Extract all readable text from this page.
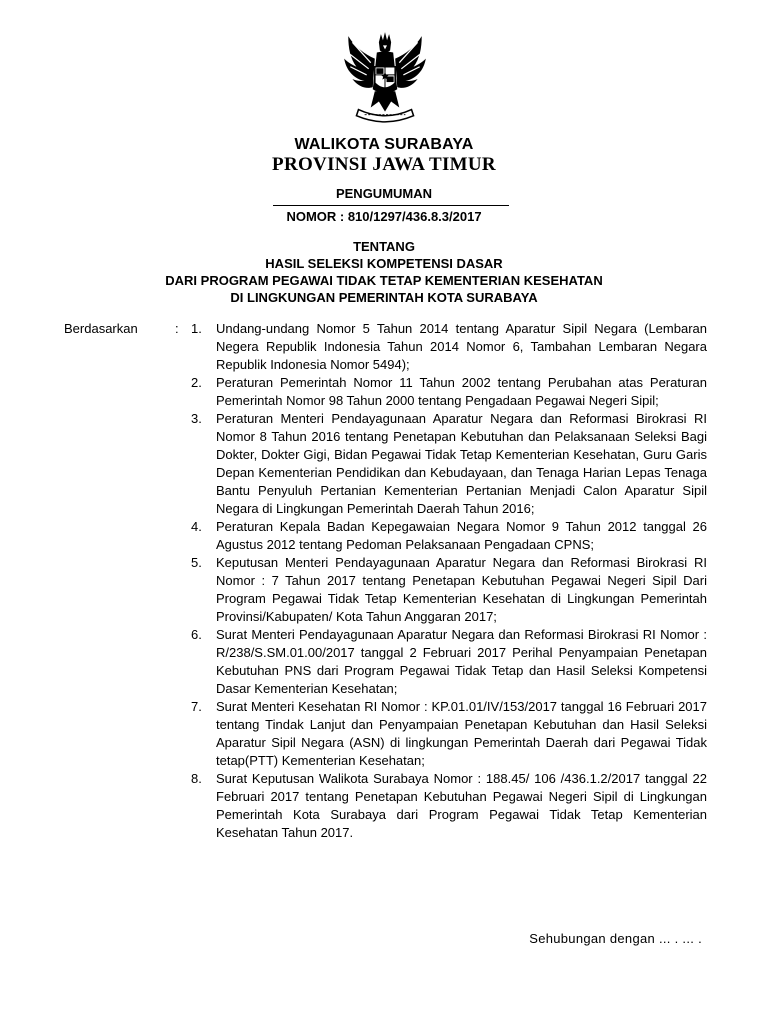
WALIKOTA SURABAYA
PROVINSI JAWA TIMUR
PENGUMUMAN
NOMOR : 810/1297/436.8.3/2017
TENTANG
HASIL SELEKSI KOMPETENSI DASAR
DARI PROGRAM PEGAWAI TIDAK TETAP KEMENTERIAN KESEHATAN
DI LINGKUNGAN PEMERINTAH KOTA SURABAYA
Berdasarkan	: 1.	Undang-undang Nomor 5 Tahun 2014 tentang Aparatur Sipil Negara (Lembaran Negera Republik Indonesia Tahun 2014 Nomor 6, Tambahan Lembaran Negara Republik Indonesia Nomor 5494);
2.	Peraturan Pemerintah Nomor 11 Tahun 2002 tentang Perubahan atas Peraturan Pemerintah Nomor 98 Tahun 2000 tentang Pengadaan Pegawai Negeri Sipil;
3.	Peraturan Menteri Pendayagunaan Aparatur Negara dan Reformasi Birokrasi RI Nomor 8 Tahun 2016 tentang Penetapan Kebutuhan dan Pelaksanaan Seleksi Bagi Dokter, Dokter Gigi, Bidan Pegawai Tidak Tetap Kementerian Kesehatan, Guru Garis Depan Kementerian Pendidikan dan Kebudayaan, dan Tenaga Harian Lepas Tenaga Bantu Penyuluh Pertanian Kementerian Pertanian Menjadi Calon Aparatur Sipil Negara di Lingkungan Pemerintah Daerah Tahun 2016;
4.	Peraturan Kepala Badan Kepegawaian Negara Nomor 9 Tahun 2012 tanggal 26 Agustus 2012 tentang Pedoman Pelaksanaan Pengadaan CPNS;
5.	Keputusan Menteri Pendayagunaan Aparatur Negara dan Reformasi Birokrasi RI Nomor : 7 Tahun 2017 tentang Penetapan Kebutuhan Pegawai Negeri Sipil Dari Program Pegawai Tidak Tetap Kementerian Kesehatan di Lingkungan Pemerintah Provinsi/Kabupaten/ Kota Tahun Anggaran 2017;
6.	Surat Menteri Pendayagunaan Aparatur Negara dan Reformasi Birokrasi RI Nomor : R/238/S.SM.01.00/2017 tanggal 2 Februari 2017 Perihal Penyampaian Penetapan Kebutuhan PNS dari Program Pegawai Tidak Tetap dan Hasil Seleksi Kompetensi Dasar Kementerian Kesehatan;
7.	Surat Menteri Kesehatan RI Nomor : KP.01.01/IV/153/2017 tanggal 16 Februari 2017 tentang Tindak Lanjut dan Penyampaian Penetapan Kebutuhan dan Hasil Seleksi Aparatur Sipil Negara (ASN) di lingkungan Pemerintah Daerah dari Pegawai Tidak tetap(PTT) Kementerian Kesehatan;
8.	Surat Keputusan Walikota Surabaya Nomor : 188.45/ 106 /436.1.2/2017 tanggal 22 Februari 2017 tentang Penetapan Kebutuhan Pegawai Negeri Sipil di Lingkungan Pemerintah Kota Surabaya dari Program Pegawai Tidak Tetap Kementerian Kesehatan Tahun 2017.
Sehubungan dengan ... . ... .
